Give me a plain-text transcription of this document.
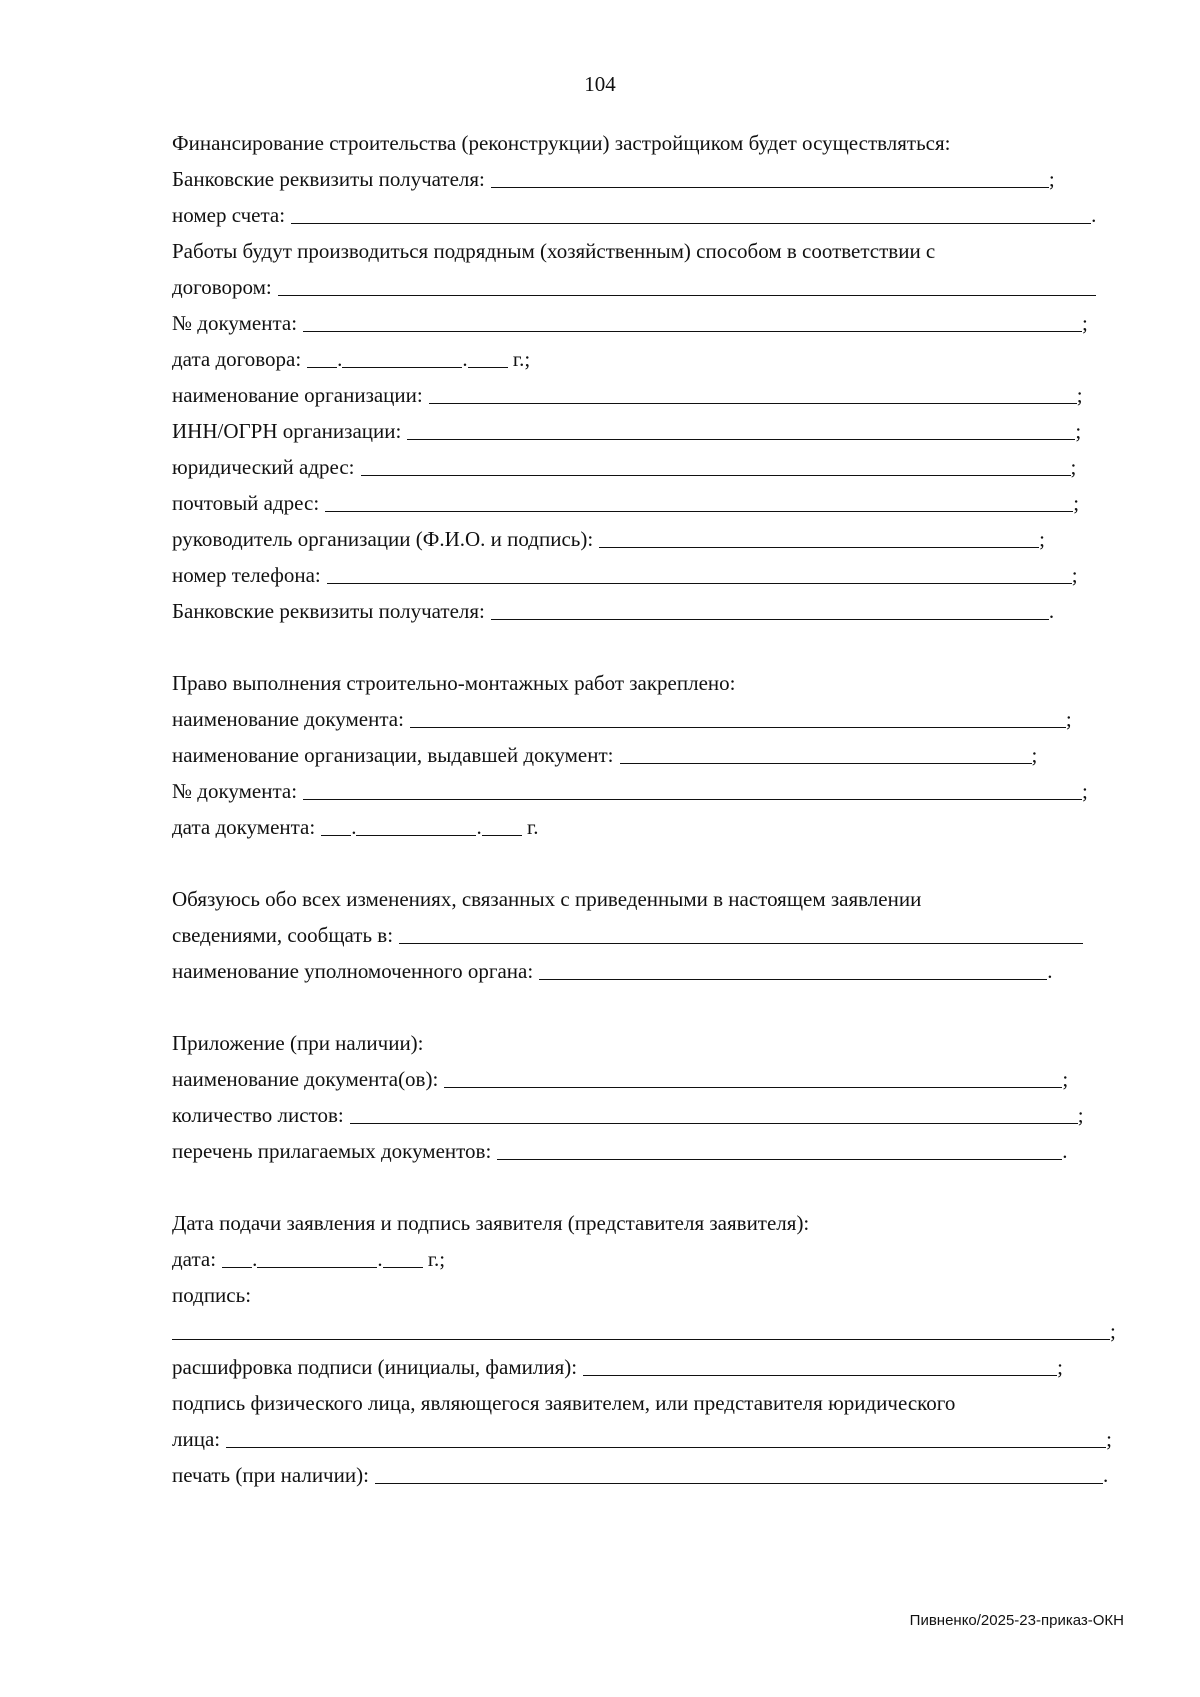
104
Финансирование строительства (реконструкции) застройщиком будет осуществляться:
Банковские реквизиты получателя:	;
номер счета:	.
Работы будут производиться подрядным (хозяйственным) способом в соответствии с
договором:
№ документа:	;
дата договора: .	.
г.;
наименование организации:	;
ИНН/ОГРН организации:	;
юридический адрес:	;
почтовый адрес:	;
руководитель организации (Ф.И.О. и подпись):	;
номер телефона:	;
Банковские реквизиты получателя:	.
Право выполнения строительно-монтажных работ закреплено:
наименование документа:	;
наименование организации, выдавшей документ:	;
№ документа:	;
дата документа: .	.
г.
Обязуюсь обо всех изменениях, связанных с приведенными в настоящем заявлении
сведениями, сообщать в:
наименование уполномоченного органа:	.
Приложение (при наличии):
наименование документа(ов):	;
количество листов:	;
перечень прилагаемых документов:	.
Дата подачи заявления и подпись заявителя (представителя заявителя):
дата: .	.
г.;
подпись:
;
расшифровка подписи (инициалы, фамилия):	;
подпись физического лица, являющегося заявителем, или представителя юридического
лица:	;
печать (при наличии):	.
Пивненко/2025-23-приказ-ОКН
